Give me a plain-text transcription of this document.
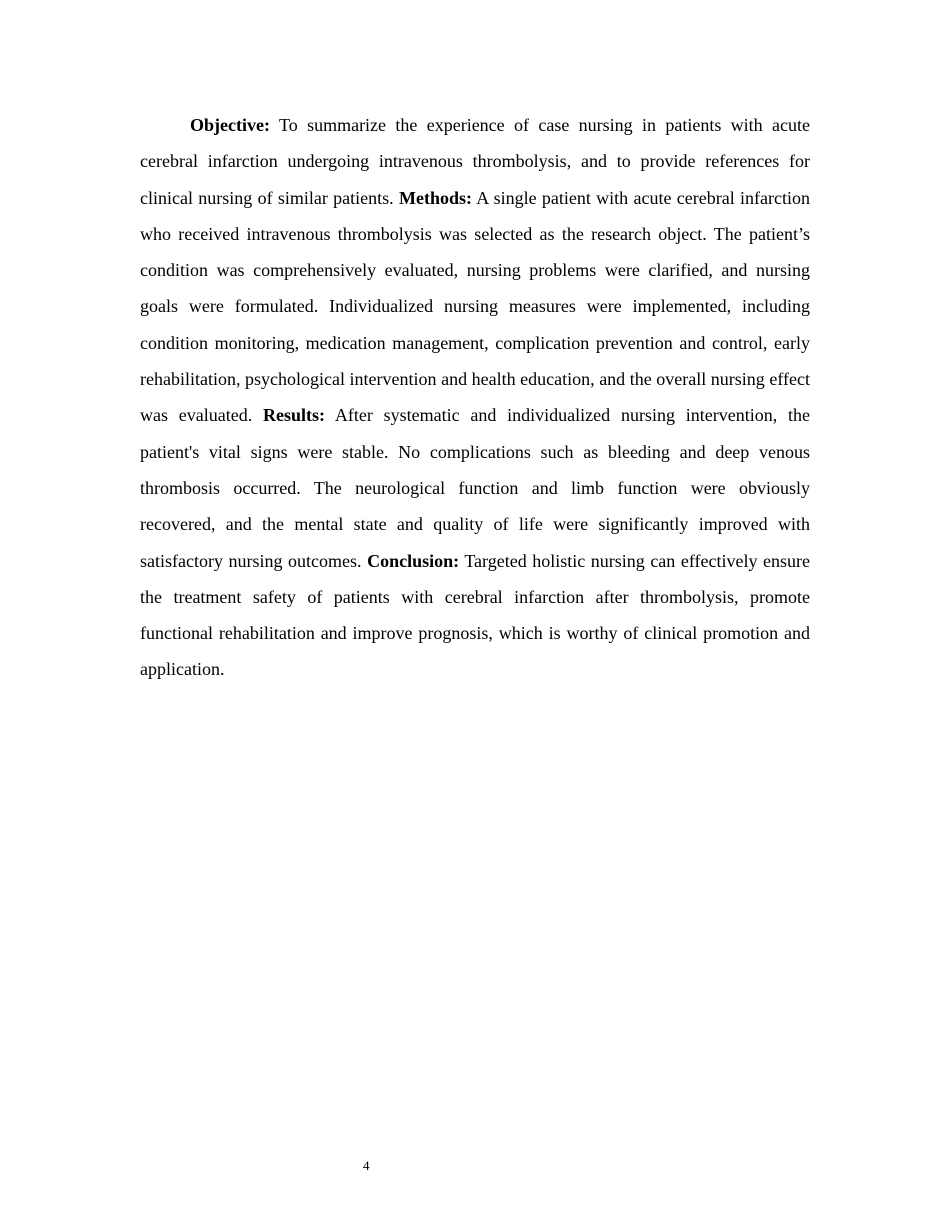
Objective: To summarize the experience of case nursing in patients with acute cerebral infarction undergoing intravenous thrombolysis, and to provide references for clinical nursing of similar patients. Methods: A single patient with acute cerebral infarction who received intravenous thrombolysis was selected as the research object. The patient’s condition was comprehensively evaluated, nursing problems were clarified, and nursing goals were formulated. Individualized nursing measures were implemented, including condition monitoring, medication management, complication prevention and control, early rehabilitation, psychological intervention and health education, and the overall nursing effect was evaluated. Results: After systematic and individualized nursing intervention, the patient's vital signs were stable. No complications such as bleeding and deep venous thrombosis occurred. The neurological function and limb function were obviously recovered, and the mental state and quality of life were significantly improved with satisfactory nursing outcomes. Conclusion: Targeted holistic nursing can effectively ensure the treatment safety of patients with cerebral infarction after thrombolysis, promote functional rehabilitation and improve prognosis, which is worthy of clinical promotion and application.

4
